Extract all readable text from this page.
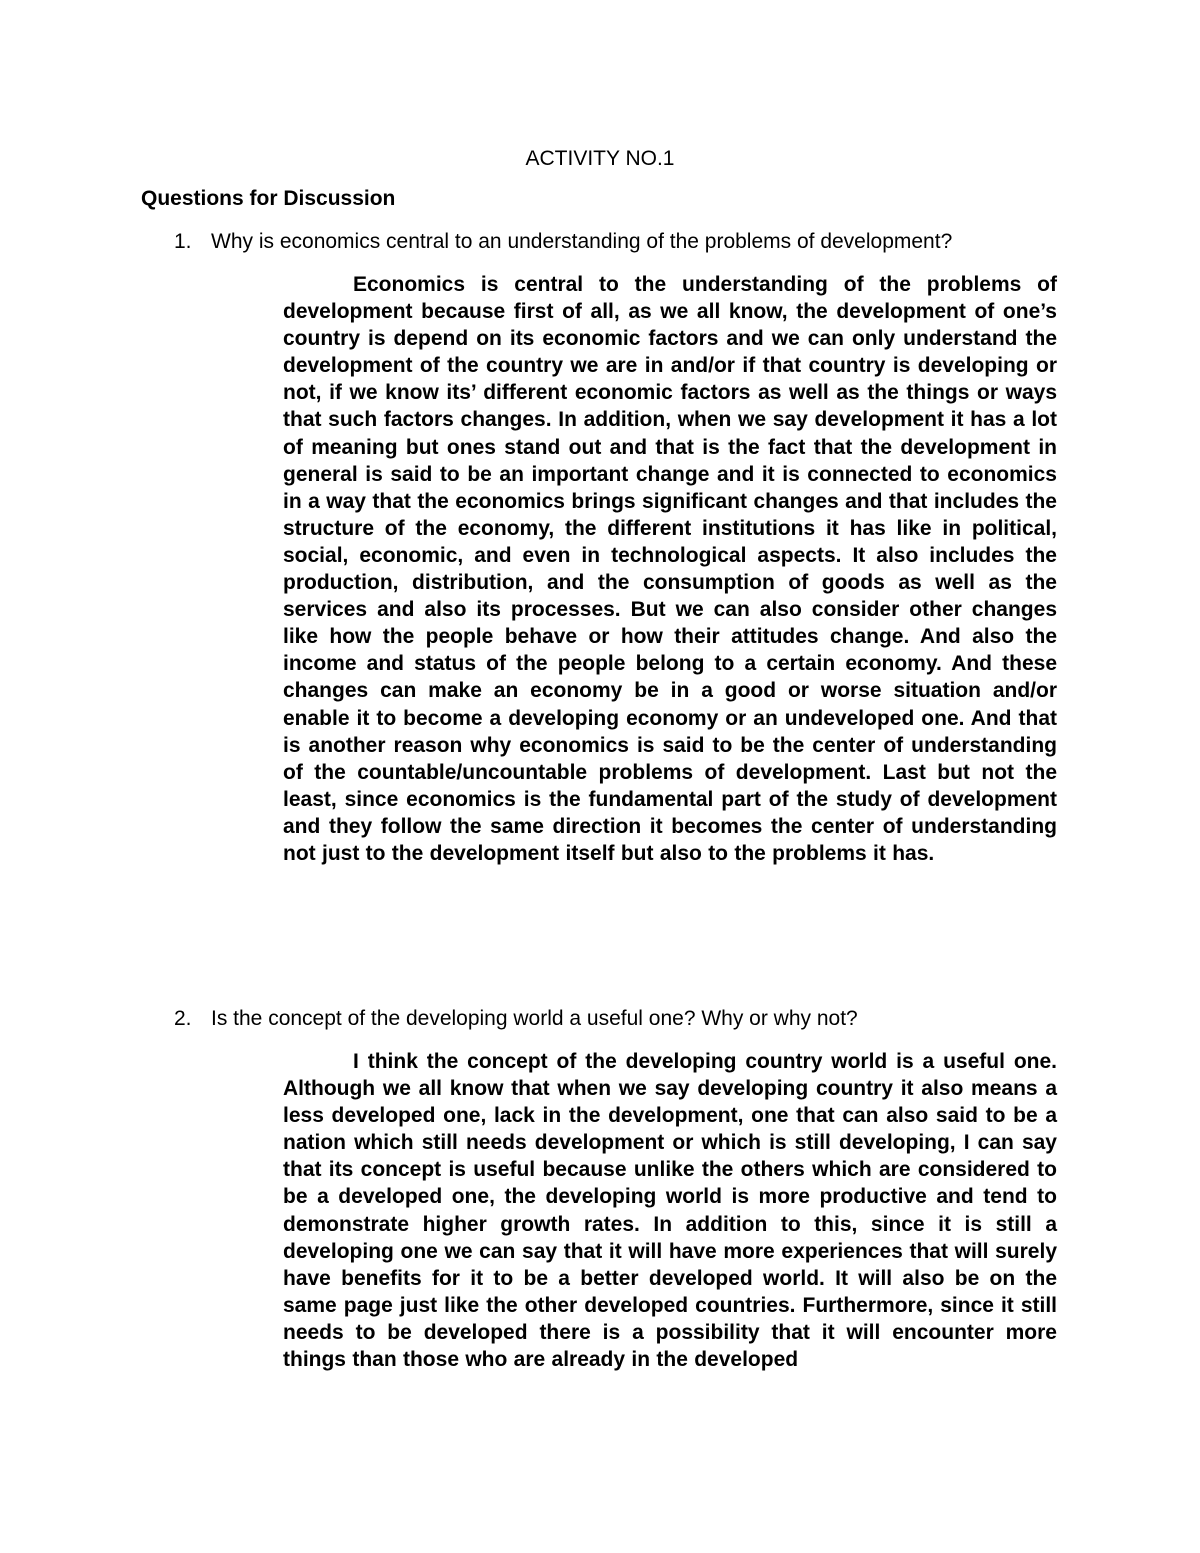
ACTIVITY NO.1
Questions for Discussion

1. Why is economics central to an understanding of the problems of development?

Economics is central to the understanding of the problems of development because first of all, as we all know, the development of one’s country is depend on its economic factors and we can only understand the development of the country we are in and/or if that country is developing or not, if we know its’ different economic factors as well as the things or ways that such factors changes. In addition, when we say development it has a lot of meaning but ones stand out and that is the fact that the development in general is said to be an important change and it is connected to economics in a way that the economics brings significant changes and that includes the structure of the economy, the different institutions it has like in political, social, economic, and even in technological aspects. It also includes the production, distribution, and the consumption of goods as well as the services and also its processes. But we can also consider other changes like how the people behave or how their attitudes change. And also the income and status of the people belong to a certain economy. And these changes can make an economy be in a good or worse situation and/or enable it to become a developing economy or an undeveloped one. And that is another reason why economics is said to be the center of understanding of the countable/uncountable problems of development. Last but not the least, since economics is the fundamental part of the study of development and they follow the same direction it becomes the center of understanding not just to the development itself but also to the problems it has.

2. Is the concept of the developing world a useful one? Why or why not?

I think the concept of the developing country world is a useful one. Although we all know that when we say developing country it also means a less developed one, lack in the development, one that can also said to be a nation which still needs development or which is still developing, I can say that its concept is useful because unlike the others which are considered to be a developed one, the developing world is more productive and tend to demonstrate higher growth rates. In addition to this, since it is still a developing one we can say that it will have more experiences that will surely have benefits for it to be a better developed world. It will also be on the same page just like the other developed countries. Furthermore, since it still needs to be developed there is a possibility that it will encounter more things than those who are already in the developed
